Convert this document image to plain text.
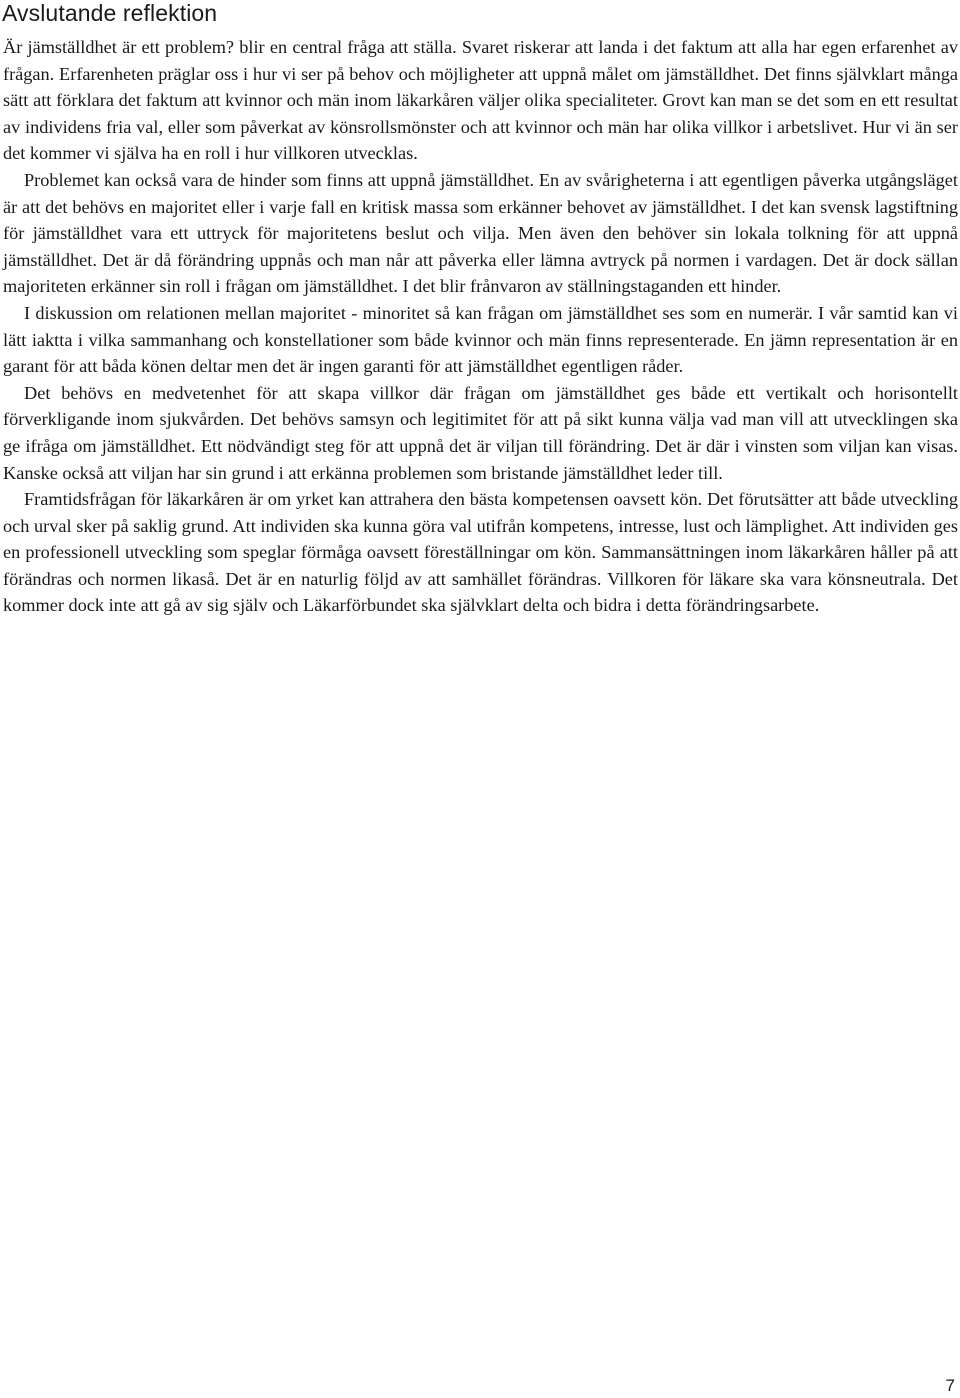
Avslutande reflektion

Är jämställdhet är ett problem? blir en central fråga att ställa. Svaret riskerar att landa i det faktum att alla har egen erfarenhet av frågan. Erfarenheten präglar oss i hur vi ser på behov och möjligheter att uppnå målet om jämställdhet. Det finns självklart många sätt att förklara det faktum att kvinnor och män inom läkarkåren väljer olika specialiteter. Grovt kan man se det som en ett resultat av individens fria val, eller som påverkat av könsrollsmönster och att kvinnor och män har olika villkor i arbetslivet. Hur vi än ser det kommer vi själva ha en roll i hur villkoren utvecklas.

Problemet kan också vara de hinder som finns att uppnå jämställdhet. En av svårigheterna i att egentligen påverka utgångsläget är att det behövs en majoritet eller i varje fall en kritisk massa som erkänner behovet av jämställdhet. I det kan svensk lagstiftning för jämställdhet vara ett uttryck för majoritetens beslut och vilja. Men även den behöver sin lokala tolkning för att uppnå jämställdhet. Det är då förändring uppnås och man når att påverka eller lämna avtryck på normen i vardagen. Det är dock sällan majoriteten erkänner sin roll i frågan om jämställdhet. I det blir frånvaron av ställningstaganden ett hinder.

I diskussion om relationen mellan majoritet - minoritet så kan frågan om jämställdhet ses som en numerär. I vår samtid kan vi lätt iaktta i vilka sammanhang och konstellationer som både kvinnor och män finns representerade. En jämn representation är en garant för att båda könen deltar men det är ingen garanti för att jämställdhet egentligen råder.

Det behövs en medvetenhet för att skapa villkor där frågan om jämställdhet ges både ett vertikalt och horisontellt förverkligande inom sjukvården. Det behövs samsyn och legitimitet för att på sikt kunna välja vad man vill att utvecklingen ska ge ifråga om jämställdhet. Ett nödvändigt steg för att uppnå det är viljan till förändring. Det är där i vinsten som viljan kan visas. Kanske också att viljan har sin grund i att erkänna problemen som bristande jämställdhet leder till.

Framtidsfrågan för läkarkåren är om yrket kan attrahera den bästa kompetensen oavsett kön. Det förutsätter att både utveckling och urval sker på saklig grund. Att individen ska kunna göra val utifrån kompetens, intresse, lust och lämplighet. Att individen ges en professionell utveckling som speglar förmåga oavsett föreställningar om kön. Sammansättningen inom läkarkåren håller på att förändras och normen likaså. Det är en naturlig följd av att samhället förändras. Villkoren för läkare ska vara könsneutrala. Det kommer dock inte att gå av sig själv och Läkarförbundet ska självklart delta och bidra i detta förändringsarbete.

7
